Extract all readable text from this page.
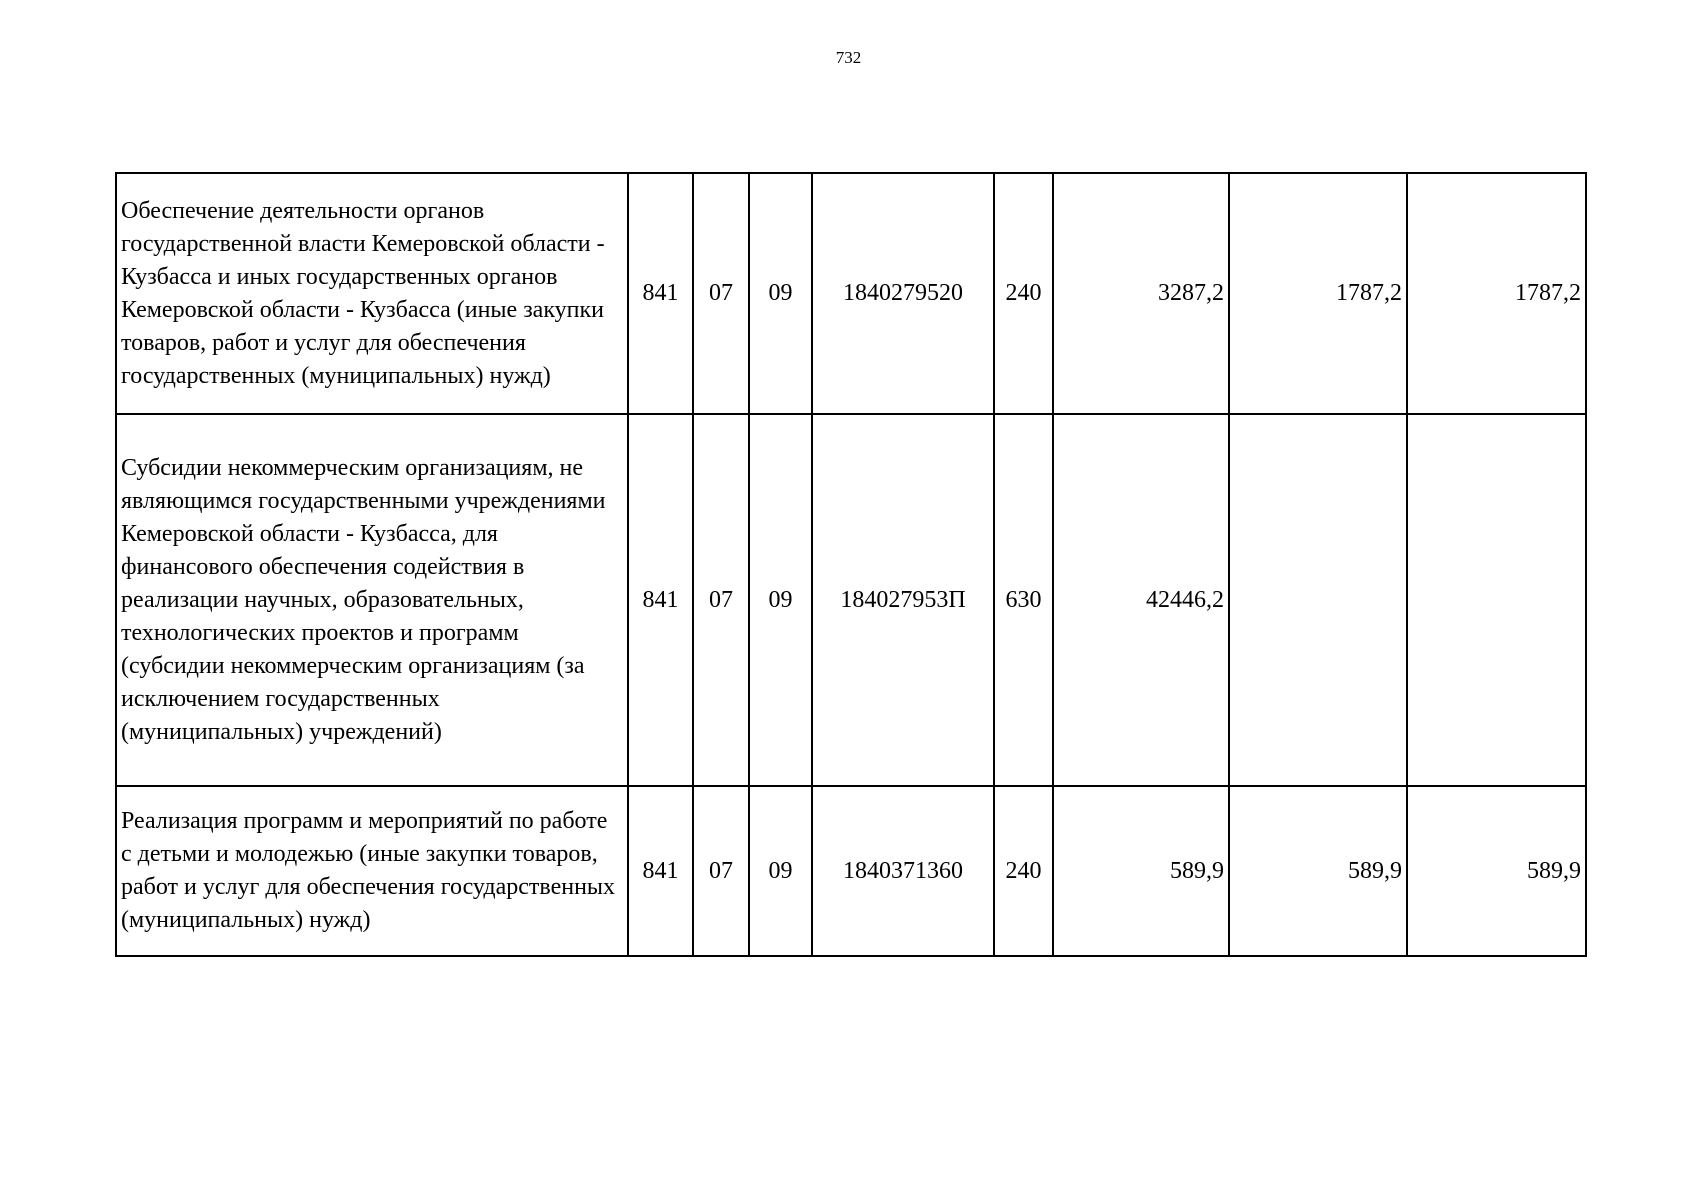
732
Обеспечение деятельности органов государственной власти Кемеровской области - Кузбасса и иных государственных органов Кемеровской области - Кузбасса (иные закупки товаров, работ и услуг для обеспечения государственных (муниципальных) нужд)	841	07	09	1840279520	240	3287,2	1787,2	1787,2
Субсидии некоммерческим организациям, не являющимся государственными учреждениями Кемеровской области - Кузбасса, для финансового обеспечения содействия в реализации научных, образовательных, технологических проектов и программ (субсидии некоммерческим организациям (за исключением государственных (муниципальных) учреждений)	841	07	09	184027953П	630	42446,2		
Реализация программ и мероприятий по работе с детьми и молодежью (иные закупки товаров, работ и услуг для обеспечения государственных (муниципальных) нужд)	841	07	09	1840371360	240	589,9	589,9	589,9
